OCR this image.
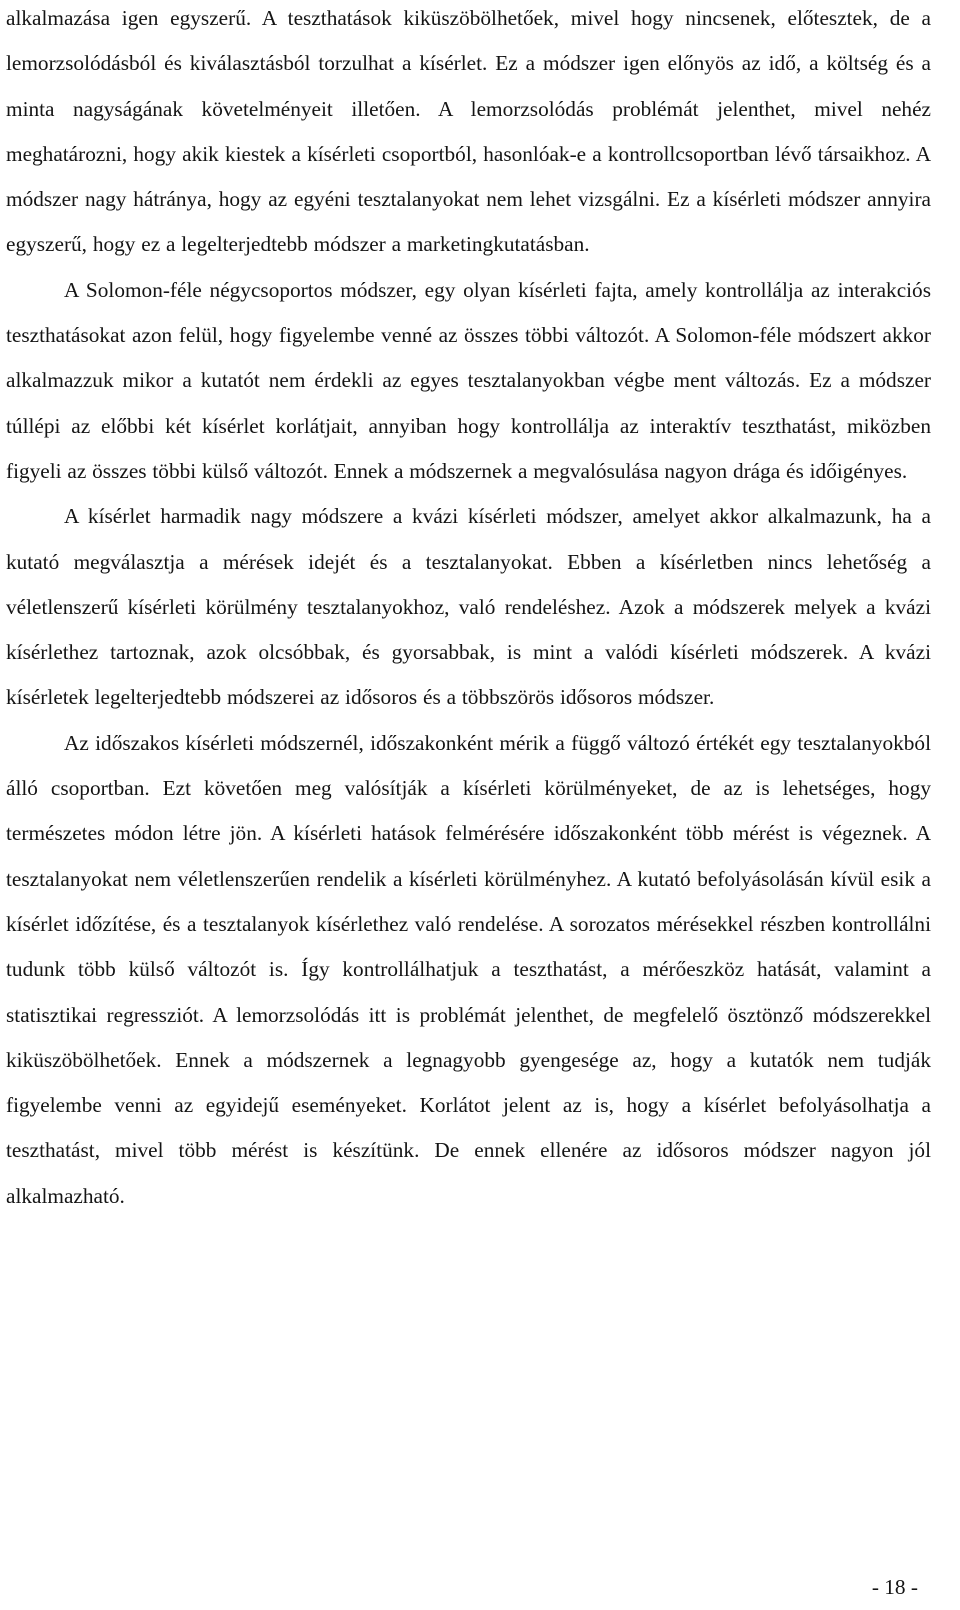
alkalmazása igen egyszerű. A teszthatások kiküszöbölhetőek, mivel hogy nincsenek, előtesztek, de a lemorzsolódásból és kiválasztásból torzulhat a kísérlet. Ez a módszer igen előnyös az idő, a költség és a minta nagyságának követelményeit illetően. A lemorzsolódás problémát jelenthet, mivel nehéz meghatározni, hogy akik kiestek a kísérleti csoportból, hasonlóak-e a kontrollcsoportban lévő társaikhoz. A módszer nagy hátránya, hogy az egyéni tesztalanyokat nem lehet vizsgálni. Ez a kísérleti módszer annyira egyszerű, hogy ez a legelterjedtebb módszer a marketingkutatásban.

A Solomon-féle négycsoportos módszer, egy olyan kísérleti fajta, amely kontrollálja az interakciós teszthatásokat azon felül, hogy figyelembe venné az összes többi változót. A Solomon-féle módszert akkor alkalmazzuk mikor a kutatót nem érdekli az egyes tesztalanyokban végbe ment változás. Ez a módszer túllépi az előbbi két kísérlet korlátjait, annyiban hogy kontrollálja az interaktív teszthatást, miközben figyeli az összes többi külső változót. Ennek a módszernek a megvalósulása nagyon drága és időigényes.

A kísérlet harmadik nagy módszere a kvázi kísérleti módszer, amelyet akkor alkalmazunk, ha a kutató megválasztja a mérések idejét és a tesztalanyokat. Ebben a kísérletben nincs lehetőség a véletlenszerű kísérleti körülmény tesztalanyokhoz, való rendeléshez. Azok a módszerek melyek a kvázi kísérlethez tartoznak, azok olcsóbbak, és gyorsabbak, is mint a valódi kísérleti módszerek. A kvázi kísérletek legelterjedtebb módszerei az idősoros és a többszörös idősoros módszer.

Az időszakos kísérleti módszernél, időszakonként mérik a függő változó értékét egy tesztalanyokból álló csoportban. Ezt követően meg valósítják a kísérleti körülményeket, de az is lehetséges, hogy természetes módon létre jön. A kísérleti hatások felmérésére időszakonként több mérést is végeznek. A tesztalanyokat nem véletlenszerűen rendelik a kísérleti körülményhez. A kutató befolyásolásán kívül esik a kísérlet időzítése, és a tesztalanyok kísérlethez való rendelése. A sorozatos mérésekkel részben kontrollálni tudunk több külső változót is. Így kontrollálhatjuk a teszthatást, a mérőeszköz hatását, valamint a statisztikai regressziót. A lemorzsolódás itt is problémát jelenthet, de megfelelő ösztönző módszerekkel kiküszöbölhetőek. Ennek a módszernek a legnagyobb gyengesége az, hogy a kutatók nem tudják figyelembe venni az egyidejű eseményeket. Korlátot jelent az is, hogy a kísérlet befolyásolhatja a teszthatást, mivel több mérést is készítünk. De ennek ellenére az idősoros módszer nagyon jól alkalmazható.

- 18 -
